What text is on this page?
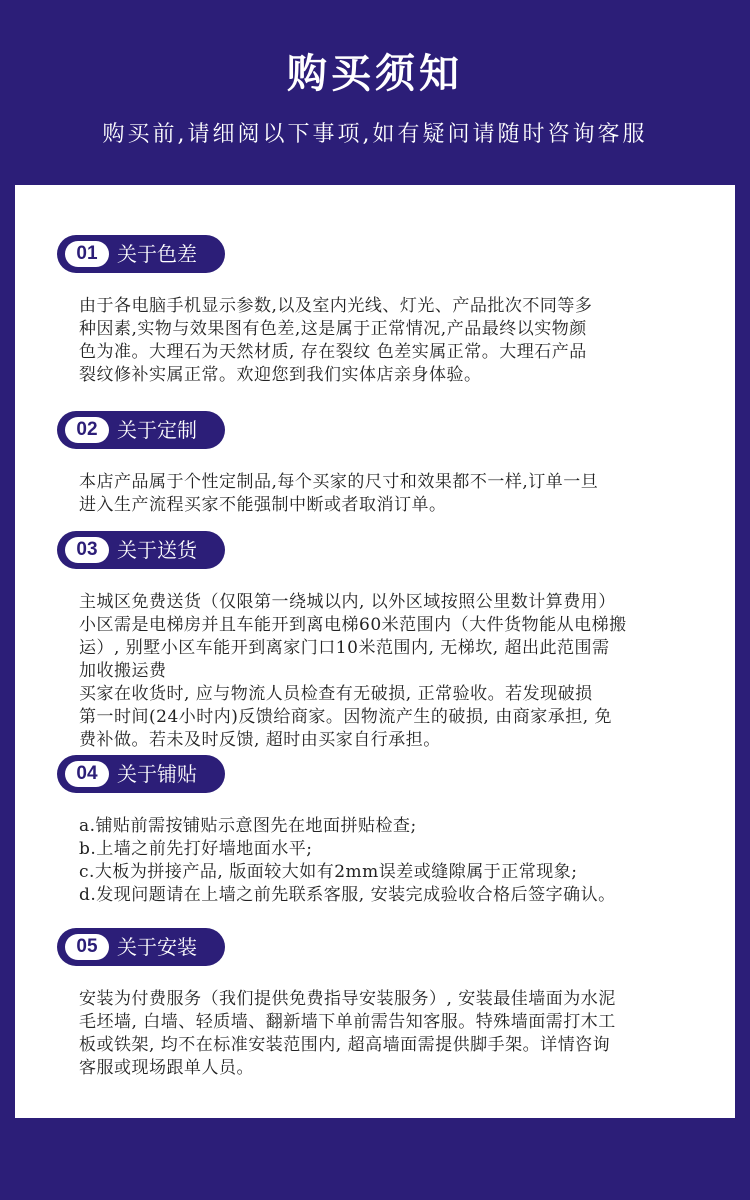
购买须知
购买前,请细阅以下事项,如有疑问请随时咨询客服
01 关于色差

由于各电脑手机显示参数,以及室内光线、灯光、产品批次不同等多
种因素,实物与效果图有色差,这是属于正常情况,产品最终以实物颜
色为准。大理石为天然材质, 存在裂纹 色差实属正常。大理石产品
裂纹修补实属正常。欢迎您到我们实体店亲身体验。

02 关于定制

本店产品属于个性定制品,每个买家的尺寸和效果都不一样,订单一旦
进入生产流程买家不能强制中断或者取消订单。

03 关于送货

主城区免费送货（仅限第一绕城以内, 以外区域按照公里数计算费用）
小区需是电梯房并且车能开到离电梯60米范围内（大件货物能从电梯搬
运）, 别墅小区车能开到离家门口10米范围内, 无梯坎, 超出此范围需
加收搬运费
买家在收货时, 应与物流人员检查有无破损, 正常验收。若发现破损
第一时间(24小时内)反馈给商家。因物流产生的破损, 由商家承担, 免
费补做。若未及时反馈, 超时由买家自行承担。

04 关于铺贴

a.铺贴前需按铺贴示意图先在地面拼贴检查;
b.上墙之前先打好墙地面水平;
c.大板为拼接产品, 版面较大如有2mm误差或缝隙属于正常现象;
d.发现问题请在上墙之前先联系客服, 安装完成验收合格后签字确认。

05 关于安装

安装为付费服务（我们提供免费指导安装服务）, 安装最佳墙面为水泥
毛坯墙, 白墙、轻质墙、翻新墙下单前需告知客服。特殊墙面需打木工
板或铁架, 均不在标准安装范围内, 超高墙面需提供脚手架。详情咨询
客服或现场跟单人员。
